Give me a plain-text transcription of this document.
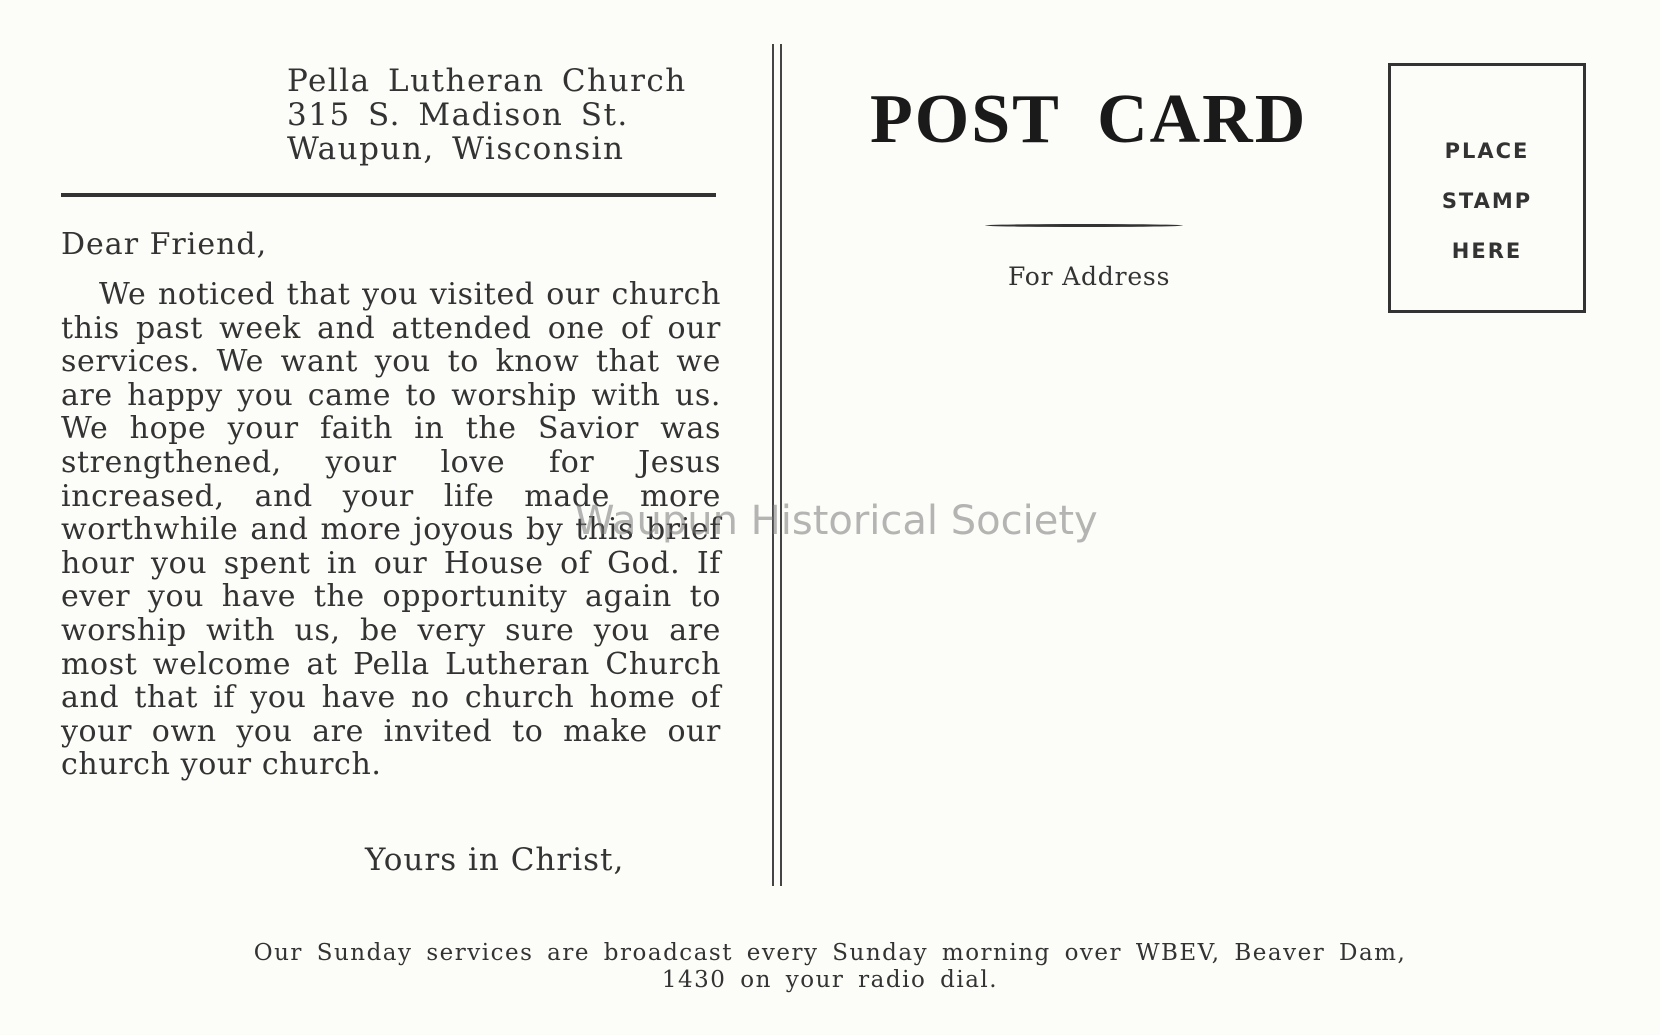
Pella Lutheran Church
315 S. Madison St.
Waupun, Wisconsin

Dear Friend,

We noticed that you visited our church this past week and attended one of our services. We want you to know that we are happy you came to worship with us. We hope your faith in the Savior was strengthened, your love for Jesus increased, and your life made more worthwhile and more joyous by this brief hour you spent in our House of God. If ever you have the opportunity again to worship with us, be very sure you are most welcome at Pella Lutheran Church and that if you have no church home of your own you are invited to make our church your church.

Yours in Christ,
POST CARD
For Address
PLACE
STAMP
HERE
Waupun Historical Society
Our Sunday services are broadcast every Sunday morning over WBEV, Beaver Dam,
1430 on your radio dial.
